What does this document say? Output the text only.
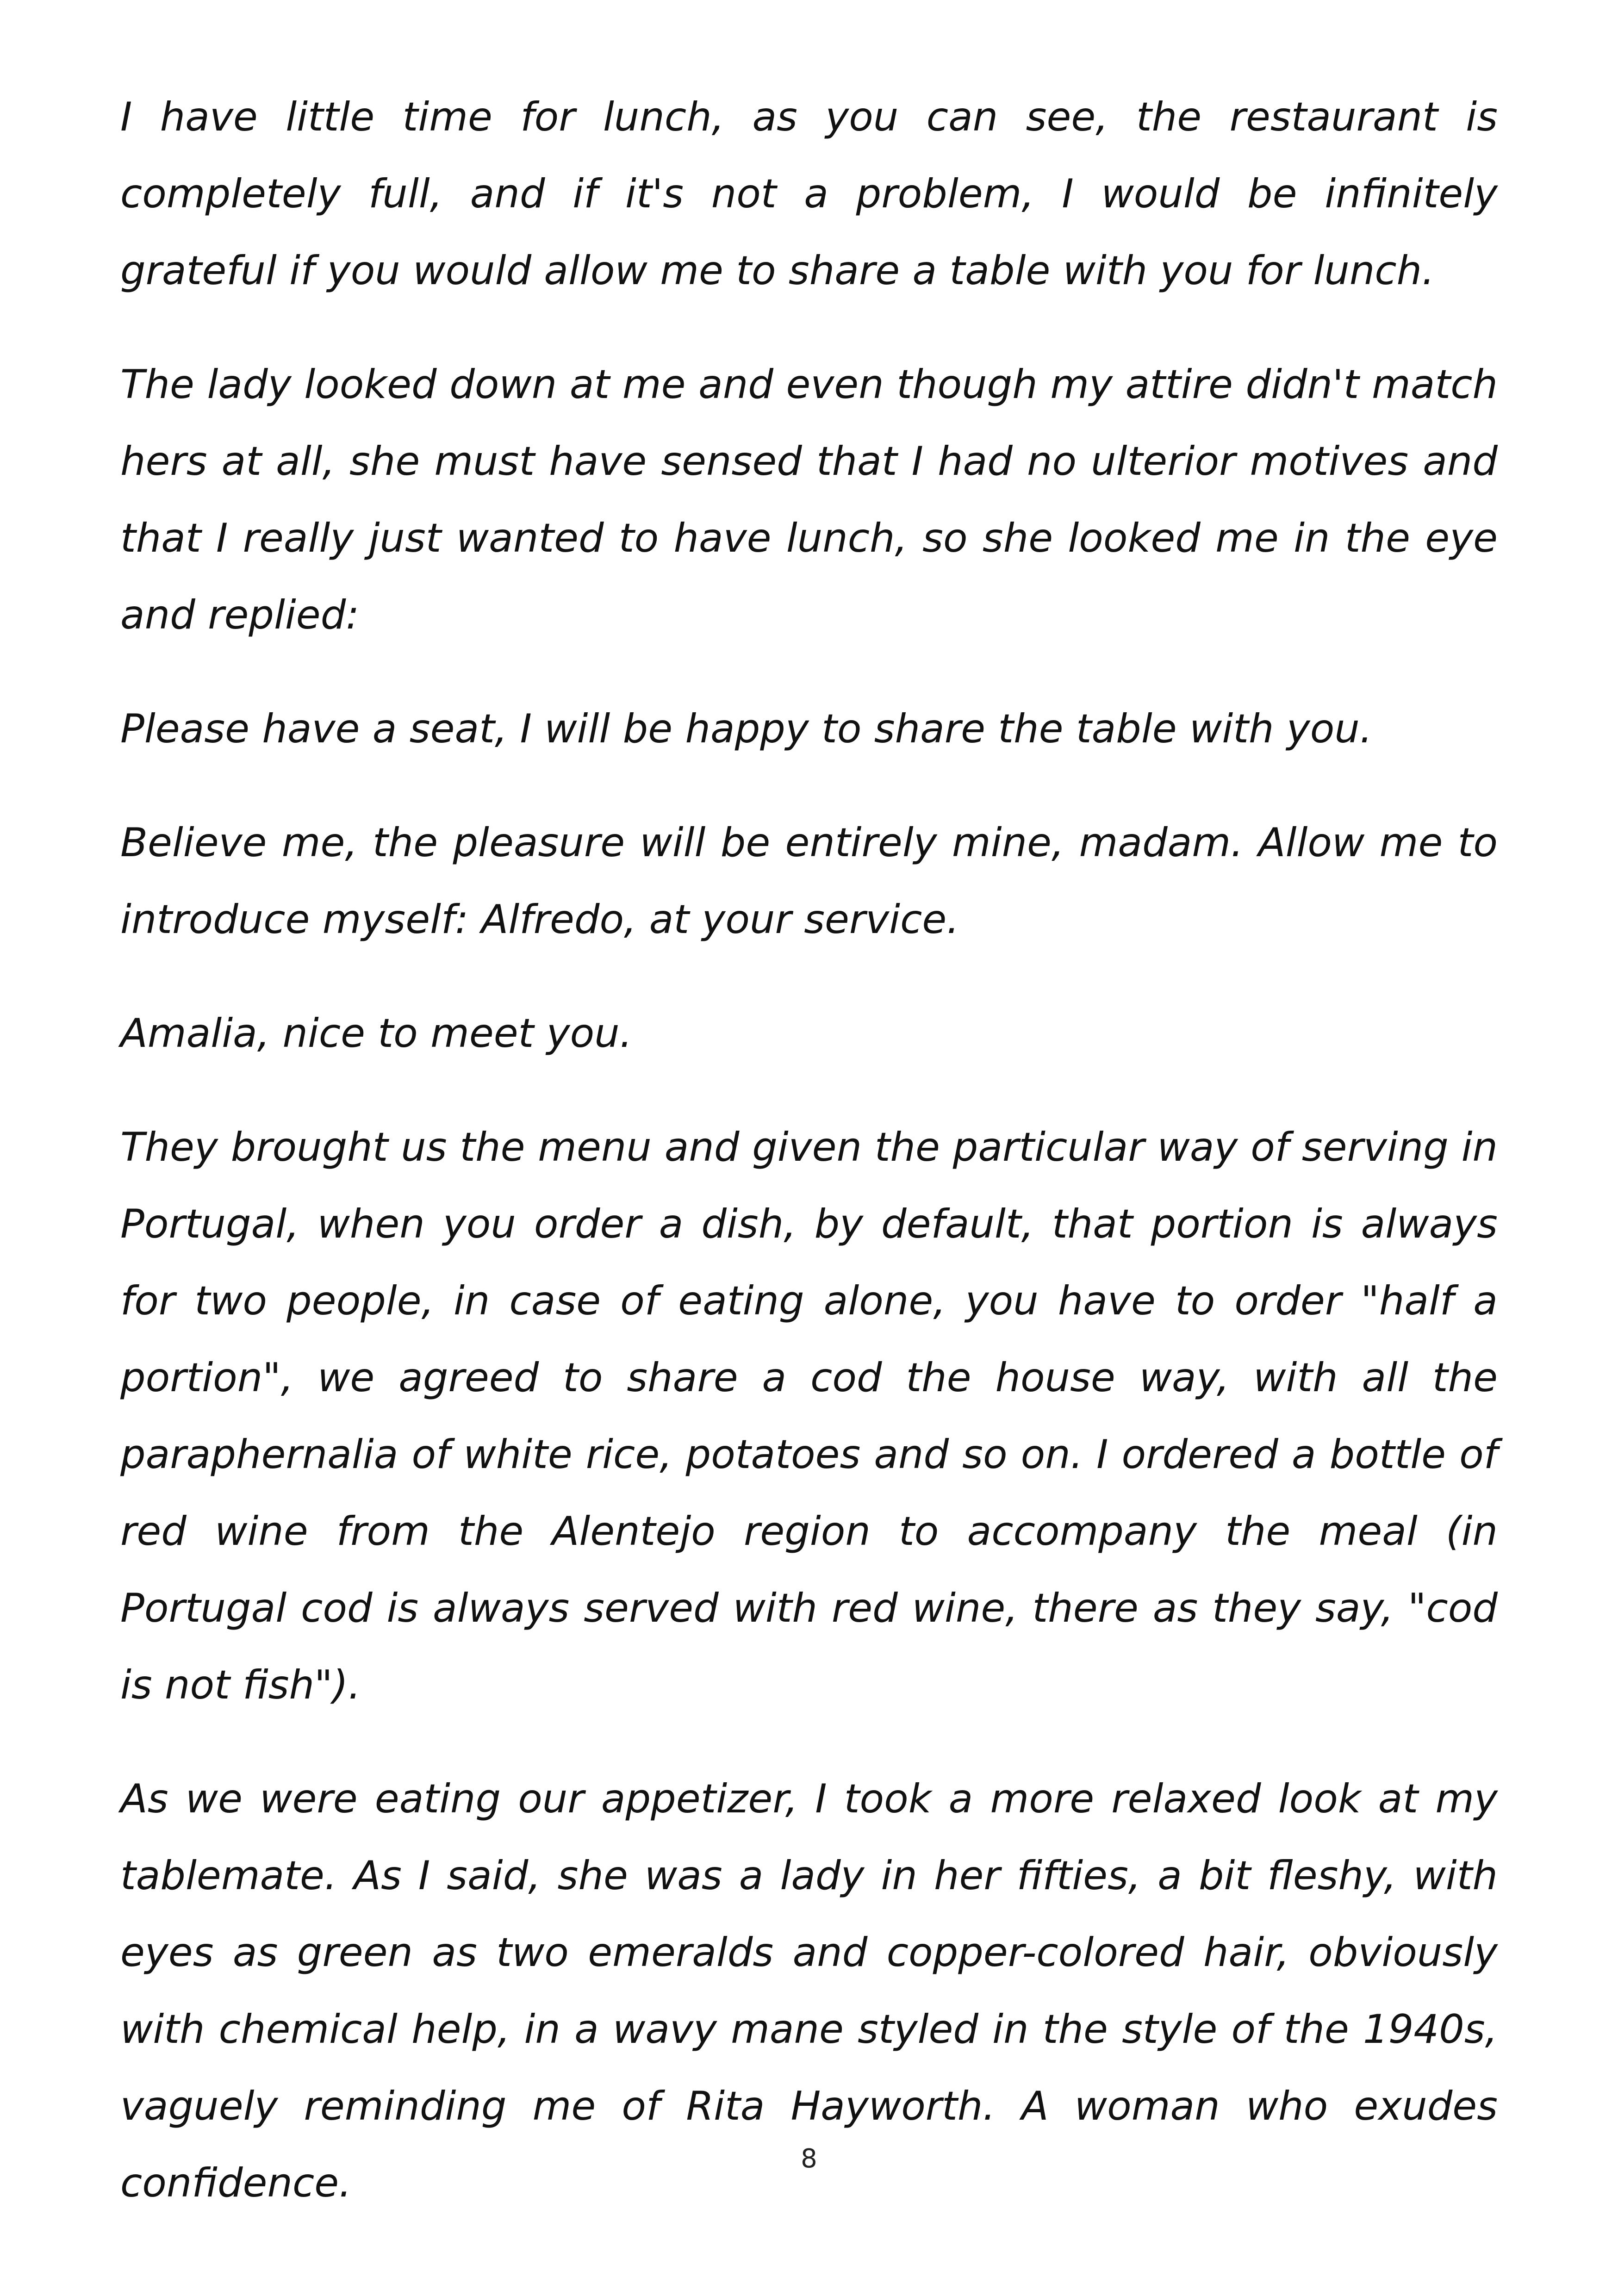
I have little time for lunch, as you can see, the restaurant is completely full, and if it's not a problem, I would be infinitely grateful if you would allow me to share a table with you for lunch.

The lady looked down at me and even though my attire didn't match hers at all, she must have sensed that I had no ulterior motives and that I really just wanted to have lunch, so she looked me in the eye and replied:

Please have a seat, I will be happy to share the table with you.

Believe me, the pleasure will be entirely mine, madam. Allow me to introduce myself: Alfredo, at your service.

Amalia, nice to meet you.

They brought us the menu and given the particular way of serving in Portugal, when you order a dish, by default, that portion is always for two people, in case of eating alone, you have to order "half a portion", we agreed to share a cod the house way, with all the paraphernalia of white rice, potatoes and so on. I ordered a bottle of red wine from the Alentejo region to accompany the meal (in Portugal cod is always served with red wine, there as they say, "cod is not fish").

As we were eating our appetizer, I took a more relaxed look at my tablemate. As I said, she was a lady in her fifties, a bit fleshy, with eyes as green as two emeralds and copper-colored hair, obviously with chemical help, in a wavy mane styled in the style of the 1940s, vaguely reminding me of Rita Hayworth. A woman who exudes confidence.

8
